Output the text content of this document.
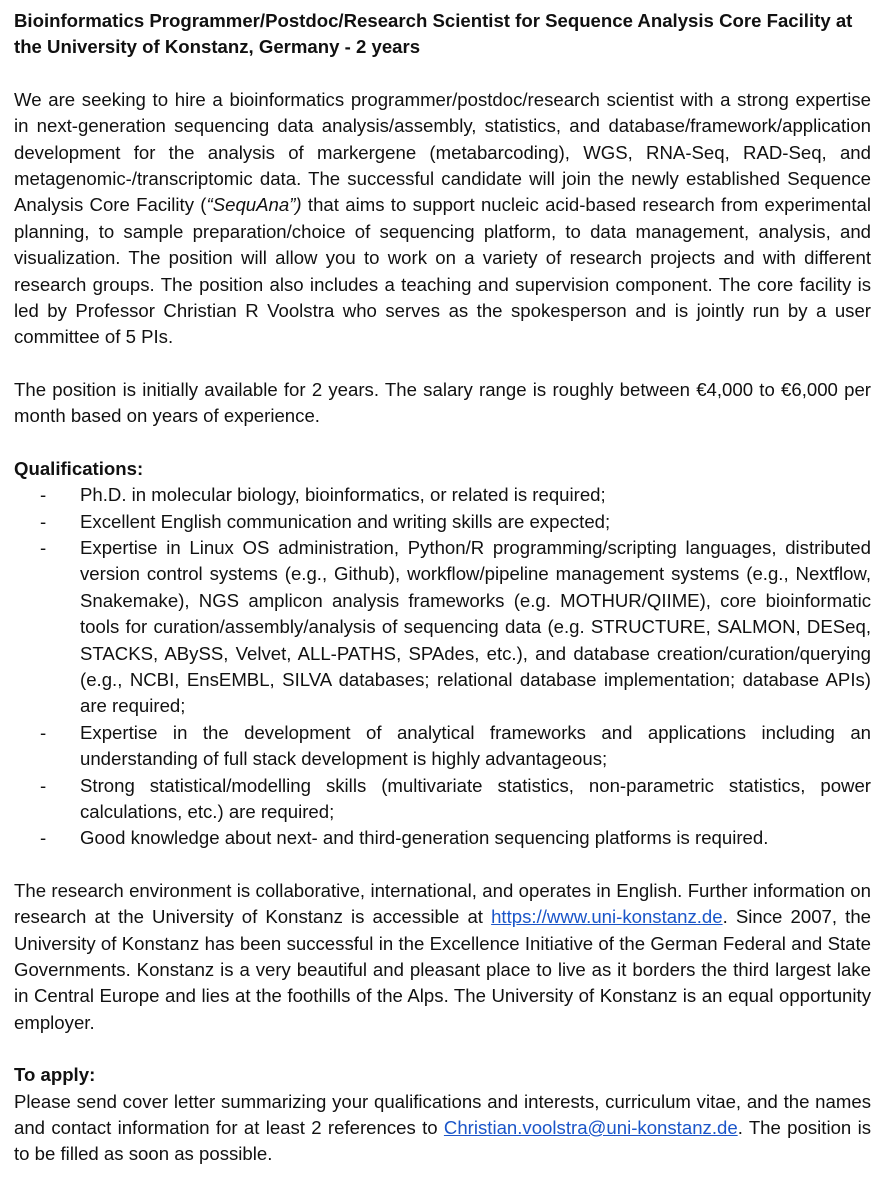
Bioinformatics Programmer/Postdoc/Research Scientist for Sequence Analysis Core Facility at the University of Konstanz, Germany - 2 years

We are seeking to hire a bioinformatics programmer/postdoc/research scientist with a strong expertise in next-generation sequencing data analysis/assembly, statistics, and database/framework/application development for the analysis of markergene (metabarcoding), WGS, RNA-Seq, RAD-Seq, and metagenomic-/transcriptomic data. The successful candidate will join the newly established Sequence Analysis Core Facility (“SequAna”) that aims to support nucleic acid-based research from experimental planning, to sample preparation/choice of sequencing platform, to data management, analysis, and visualization. The position will allow you to work on a variety of research projects and with different research groups. The position also includes a teaching and supervision component. The core facility is led by Professor Christian R Voolstra who serves as the spokesperson and is jointly run by a user committee of 5 PIs.

The position is initially available for 2 years. The salary range is roughly between €4,000 to €6,000 per month based on years of experience.

Qualifications:

- Ph.D. in molecular biology, bioinformatics, or related is required;
- Excellent English communication and writing skills are expected;
- Expertise in Linux OS administration, Python/R programming/scripting languages, distributed version control systems (e.g., Github), workflow/pipeline management systems (e.g., Nextflow, Snakemake), NGS amplicon analysis frameworks (e.g. MOTHUR/QIIME), core bioinformatic tools for curation/assembly/analysis of sequencing data (e.g. STRUCTURE, SALMON, DESeq, STACKS, ABySS, Velvet, ALL-PATHS, SPAdes, etc.), and database creation/curation/querying (e.g., NCBI, EnsEMBL, SILVA databases; relational database implementation; database APIs) are required;
- Expertise in the development of analytical frameworks and applications including an understanding of full stack development is highly advantageous;
- Strong statistical/modelling skills (multivariate statistics, non-parametric statistics, power calculations, etc.) are required;
- Good knowledge about next- and third-generation sequencing platforms is required.

The research environment is collaborative, international, and operates in English. Further information on research at the University of Konstanz is accessible at https://www.uni-konstanz.de. Since 2007, the University of Konstanz has been successful in the Excellence Initiative of the German Federal and State Governments. Konstanz is a very beautiful and pleasant place to live as it borders the third largest lake in Central Europe and lies at the foothills of the Alps. The University of Konstanz is an equal opportunity employer.

To apply:

Please send cover letter summarizing your qualifications and interests, curriculum vitae, and the names and contact information for at least 2 references to Christian.voolstra@uni-konstanz.de. The position is to be filled as soon as possible.
